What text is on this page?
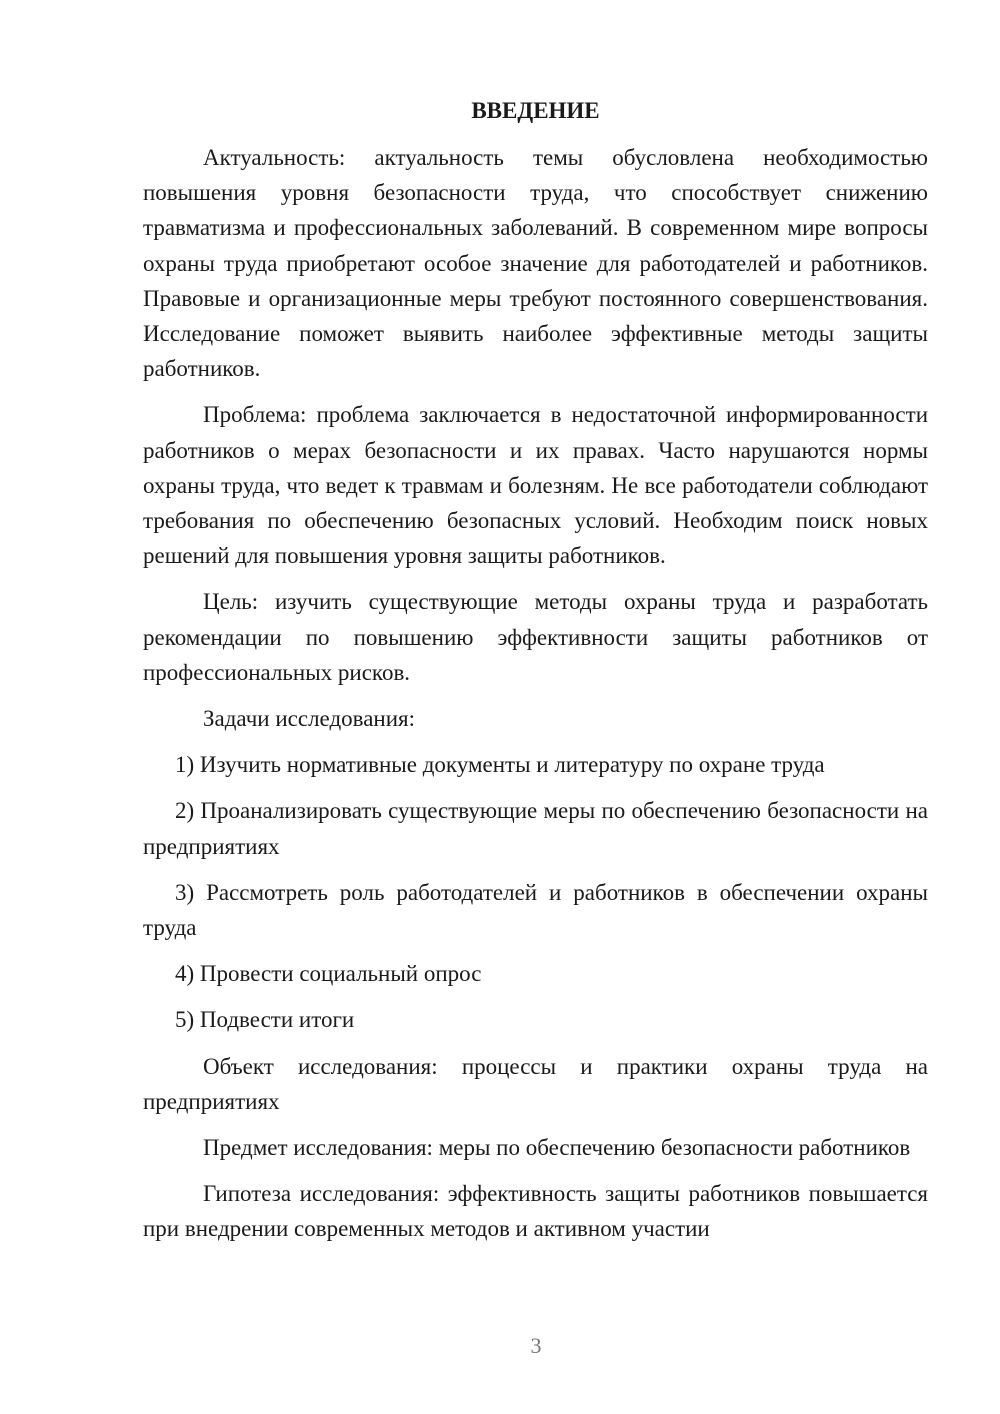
ВВЕДЕНИЕ

Актуальность: актуальность темы обусловлена необходимостью повышения уровня безопасности труда, что способствует снижению травматизма и профессиональных заболеваний. В современном мире вопросы охраны труда приобретают особое значение для работодателей и работников. Правовые и организационные меры требуют постоянного совершенствования. Исследование поможет выявить наиболее эффективные методы защиты работников.

Проблема: проблема заключается в недостаточной информированности работников о мерах безопасности и их правах. Часто нарушаются нормы охраны труда, что ведет к травмам и болезням. Не все работодатели соблюдают требования по обеспечению безопасных условий. Необходим поиск новых решений для повышения уровня защиты работников.

Цель: изучить существующие методы охраны труда и разработать рекомендации по повышению эффективности защиты работников от профессиональных рисков.

Задачи исследования:

1) Изучить нормативные документы и литературу по охране труда

2) Проанализировать существующие меры по обеспечению безопасности на предприятиях

3) Рассмотреть роль работодателей и работников в обеспечении охраны труда

4) Провести социальный опрос

5) Подвести итоги

Объект исследования: процессы и практики охраны труда на предприятиях

Предмет исследования: меры по обеспечению безопасности работников

Гипотеза исследования: эффективность защиты работников повышается при внедрении современных методов и активном участии

3
